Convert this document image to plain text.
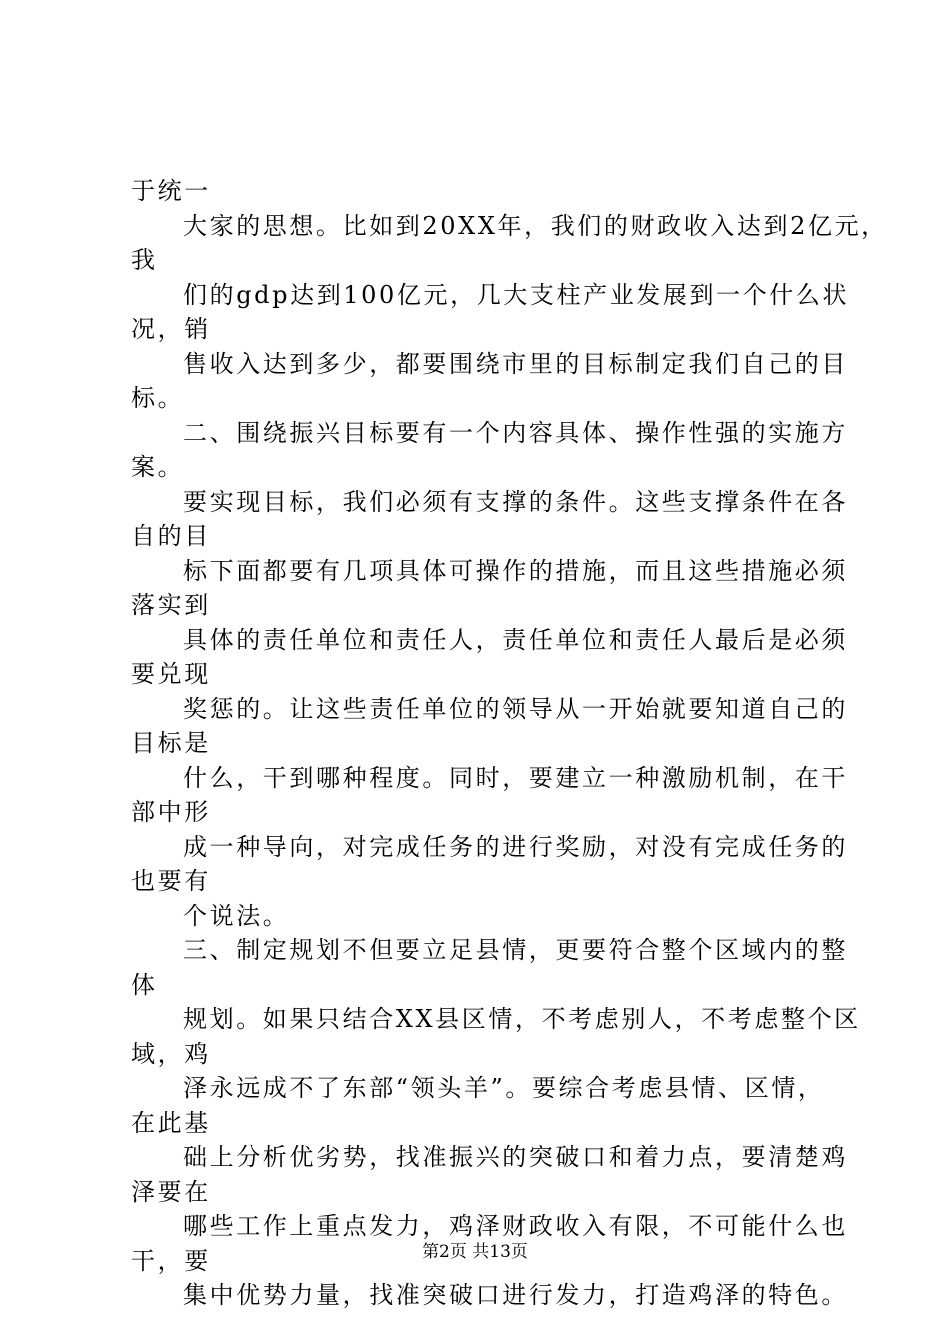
于统一
大家的思想。比如到20XX年，我们的财政收入达到2亿元，
我
们的gdp达到100亿元，几大支柱产业发展到一个什么状
况，销
售收入达到多少，都要围绕市里的目标制定我们自己的目
标。
二、围绕振兴目标要有一个内容具体、操作性强的实施方
案。
要实现目标，我们必须有支撑的条件。这些支撑条件在各
自的目
标下面都要有几项具体可操作的措施，而且这些措施必须
落实到
具体的责任单位和责任人，责任单位和责任人最后是必须
要兑现
奖惩的。让这些责任单位的领导从一开始就要知道自己的
目标是
什么，干到哪种程度。同时，要建立一种激励机制，在干
部中形
成一种导向，对完成任务的进行奖励，对没有完成任务的
也要有
个说法。
三、制定规划不但要立足县情，更要符合整个区域内的整
体
规划。如果只结合XX县区情，不考虑别人，不考虑整个区
域，鸡
泽永远成不了东部“领头羊”。要综合考虑县情、区情，
在此基
础上分析优劣势，找准振兴的突破口和着力点，要清楚鸡
泽要在
哪些工作上重点发力，鸡泽财政收入有限，不可能什么也
干，要
集中优势力量，找准突破口进行发力，打造鸡泽的特色。
第2页 共13页
